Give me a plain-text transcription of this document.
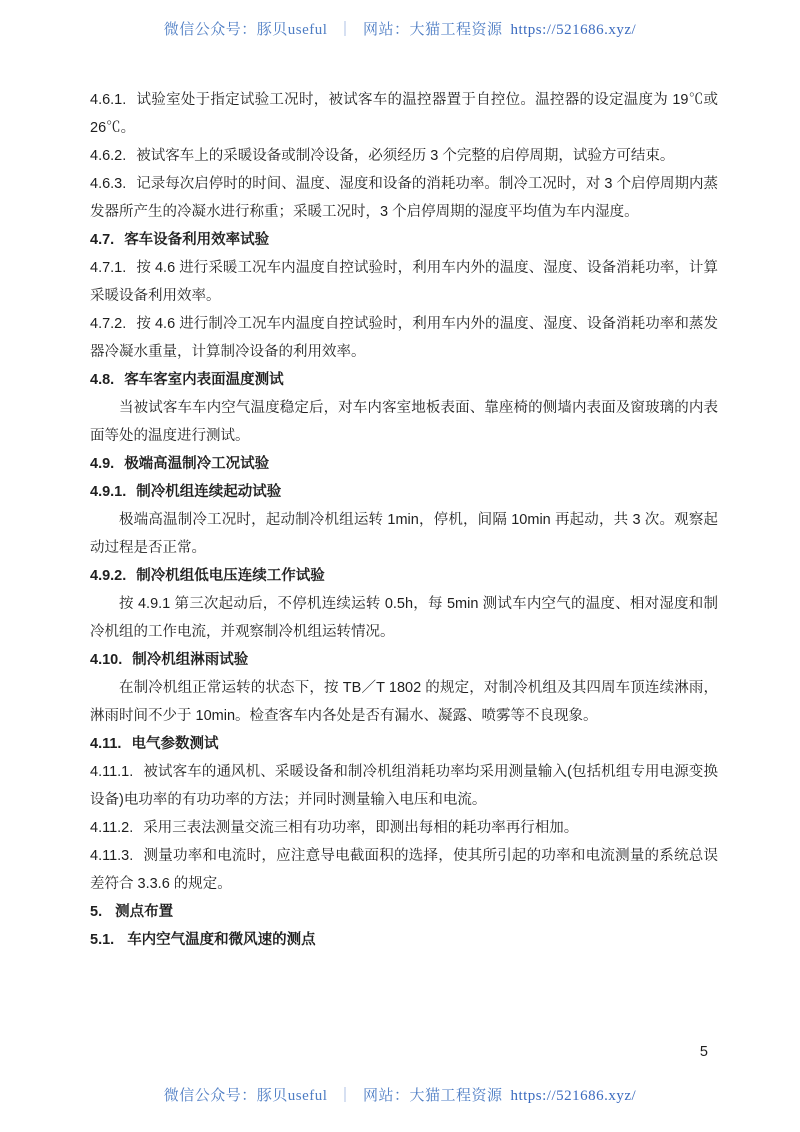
微信公众号：豚贝useful ｜ 网站：大猫工程资源 https://521686.xyz/

4.6.1. 试验室处于指定试验工况时，被试客车的温控器置于自控位。温控器的设定温度为 19℃或26℃。

4.6.2. 被试客车上的采暖设备或制冷设备，必须经历 3 个完整的启停周期，试验方可结束。

4.6.3. 记录每次启停时的时间、温度、湿度和设备的消耗功率。制冷工况时，对 3 个启停周期内蒸发器所产生的冷凝水进行称重；采暖工况时，3 个启停周期的湿度平均值为车内湿度。

4.7. 客车设备利用效率试验

4.7.1. 按 4.6 进行采暖工况车内温度自控试验时，利用车内外的温度、湿度、设备消耗功率，计算采暖设备利用效率。

4.7.2. 按 4.6 进行制冷工况车内温度自控试验时，利用车内外的温度、湿度、设备消耗功率和蒸发器冷凝水重量，计算制冷设备的利用效率。

4.8. 客车客室内表面温度测试

当被试客车车内空气温度稳定后，对车内客室地板表面、靠座椅的侧墙内表面及窗玻璃的内表面等处的温度进行测试。

4.9. 极端高温制冷工况试验

4.9.1. 制冷机组连续起动试验

极端高温制冷工况时，起动制冷机组运转 1min，停机，间隔 10min 再起动，共 3 次。观察起动过程是否正常。

4.9.2. 制冷机组低电压连续工作试验

按 4.9.1 第三次起动后，不停机连续运转 0.5h，每 5min 测试车内空气的温度、相对湿度和制冷机组的工作电流，并观察制冷机组运转情况。

4.10. 制冷机组淋雨试验

在制冷机组正常运转的状态下，按 TB／T 1802 的规定，对制冷机组及其四周车顶连续淋雨，淋雨时间不少于 10min。检查客车内各处是否有漏水、凝露、喷雾等不良现象。

4.11. 电气参数测试

4.11.1. 被试客车的通风机、采暖设备和制冷机组消耗功率均采用测量输入(包括机组专用电源变换设备)电功率的有功功率的方法；并同时测量输入电压和电流。

4.11.2. 采用三表法测量交流三相有功功率，即测出每相的耗功率再行相加。

4.11.3. 测量功率和电流时，应注意导电截面积的选择，使其所引起的功率和电流测量的系统总误差符合 3.3.6 的规定。

5. 测点布置

5.1. 车内空气温度和微风速的测点

5
微信公众号：豚贝useful ｜ 网站：大猫工程资源 https://521686.xyz/
